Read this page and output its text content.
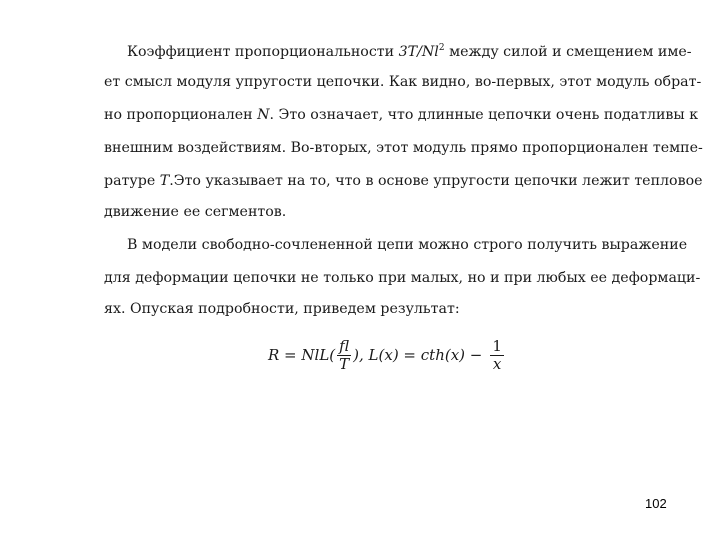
Коэффициент пропорциональности 3T/Nl$^2$ между силой и смещением име-
ет смысл модуля упругости цепочки. Как видно, во-первых, этот модуль обрат-
но пропорционален N. Это означает, что длинные цепочки очень податливы к
внешним воздействиям. Во-вторых, этот модуль прямо пропорционален темпе-
ратуре T.Это указывает на то, что в основе упругости цепочки лежит тепловое
движение ее сегментов.
В модели свободно-сочлененной цепи можно строго получить выражение
для деформации цепочки не только при малых, но и при любых ее деформаци-
ях. Опуская подробности, приведем результат:
$R = NlL( \frac{fl}{T}$ ), $L(x) = cth(x) - \frac{1}{x}$
102
